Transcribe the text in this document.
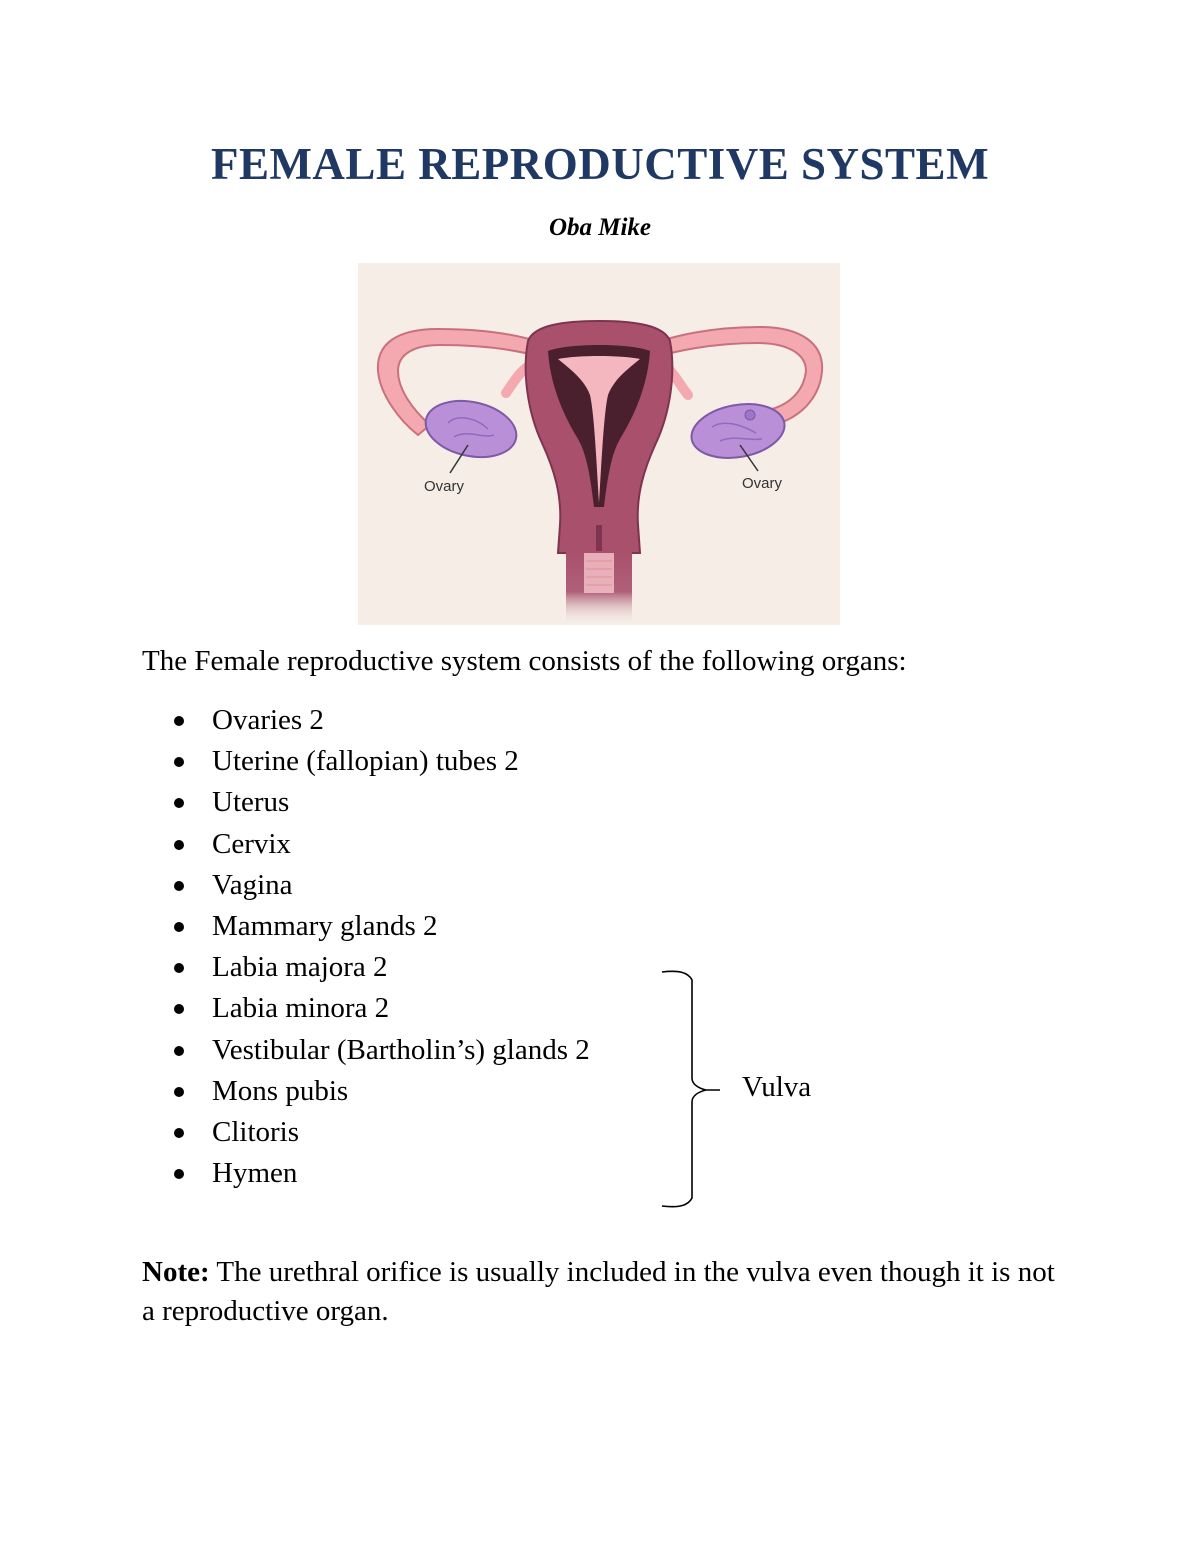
FEMALE REPRODUCTIVE SYSTEM
Oba Mike
Ovary	Ovary
The Female reproductive system consists of the following organs:
Ovaries 2
Uterine (fallopian) tubes 2
Uterus
Cervix
Vagina
Mammary glands 2
Labia majora 2
Labia minora 2
Vestibular (Bartholin’s) glands 2
Mons pubis
Clitoris
Hymen
Vulva
Note: The urethral orifice is usually included in the vulva even though it is not a reproductive organ.
